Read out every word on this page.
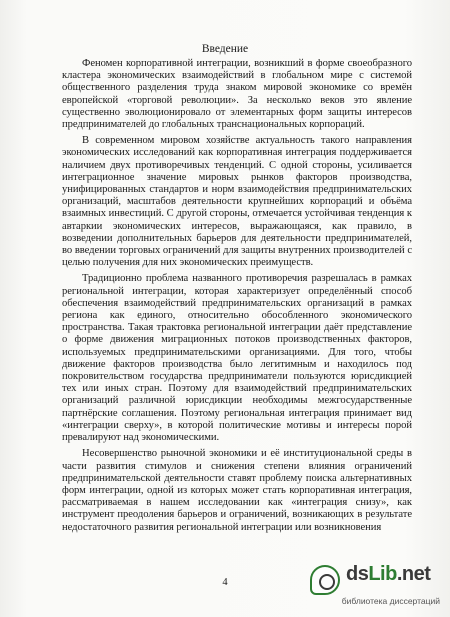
Введение

Феномен корпоративной интеграции, возникший в форме своеобразного кластера экономических взаимодействий в глобальном мире с системой общественного разделения труда знаком мировой экономике со времён европейской «торговой революции». За несколько веков это явление существенно эволюционировало от элементарных форм защиты интересов предпринимателей до глобальных транснациональных корпораций.

В современном мировом хозяйстве актуальность такого направления экономических исследований как корпоративная интеграция поддерживается наличием двух противоречивых тенденций. С одной стороны, усиливается интеграционное значение мировых рынков факторов производства, унифицированных стандартов и норм взаимодействия предпринимательских организаций, масштабов деятельности крупнейших корпораций и объёма взаимных инвестиций. С другой стороны, отмечается устойчивая тенденция к автаркии экономических интересов, выражающаяся, как правило, в возведении дополнительных барьеров для деятельности предпринимателей, во введении торговых ограничений для защиты внутренних производителей с целью получения для них экономических преимуществ.

Традиционно проблема названного противоречия разрешалась в рамках региональной интеграции, которая характеризует определённый способ обеспечения взаимодействий предпринимательских организаций в рамках региона как единого, относительно обособленного экономического пространства. Такая трактовка региональной интеграции даёт представление о форме движения миграционных потоков производственных факторов, используемых предпринимательскими организациями. Для того, чтобы движение факторов производства было легитимным и находилось под покровительством государства предприниматели пользуются юрисдикцией тех или иных стран. Поэтому для взаимодействий предпринимательских организаций различной юрисдикции необходимы межгосударственные партнёрские соглашения. Поэтому региональная интеграция принимает вид «интеграции сверху», в которой политические мотивы и интересы порой превалируют над экономическими.

Несовершенство рыночной экономики и её институциональной среды в части развития стимулов и снижения степени влияния ограничений предпринимательской деятельности ставят проблему поиска альтернативных форм интеграции, одной из которых может стать корпоративная интеграция, рассматриваемая в нашем исследовании как «интеграция снизу», как инструмент преодоления барьеров и ограничений, возникающих в результате недостаточного развития региональной интеграции или возникновения

4	dsLib.net
библиотека диссертаций
